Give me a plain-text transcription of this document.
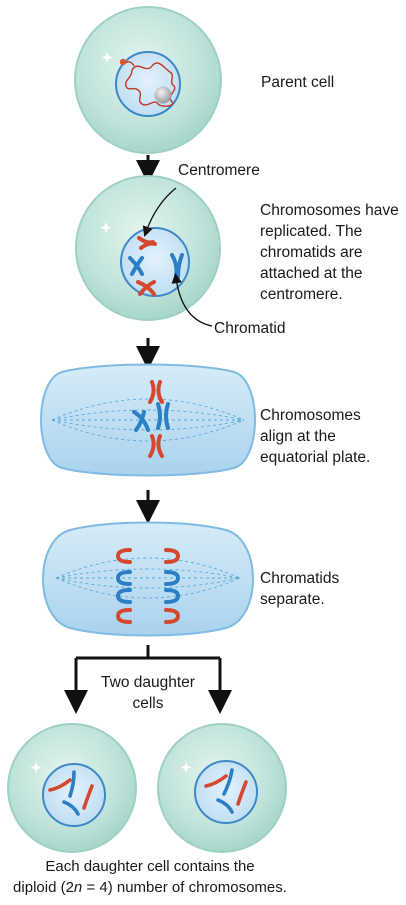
Parent cell
Centromere
Chromosomes have
replicated. The
chromatids are
attached at the
centromere.
Chromatid
Chromosomes
align at the
equatorial plate.
Chromatids
separate.
Two daughter
cells
Each daughter cell contains the
diploid (2n = 4) number of chromosomes.
